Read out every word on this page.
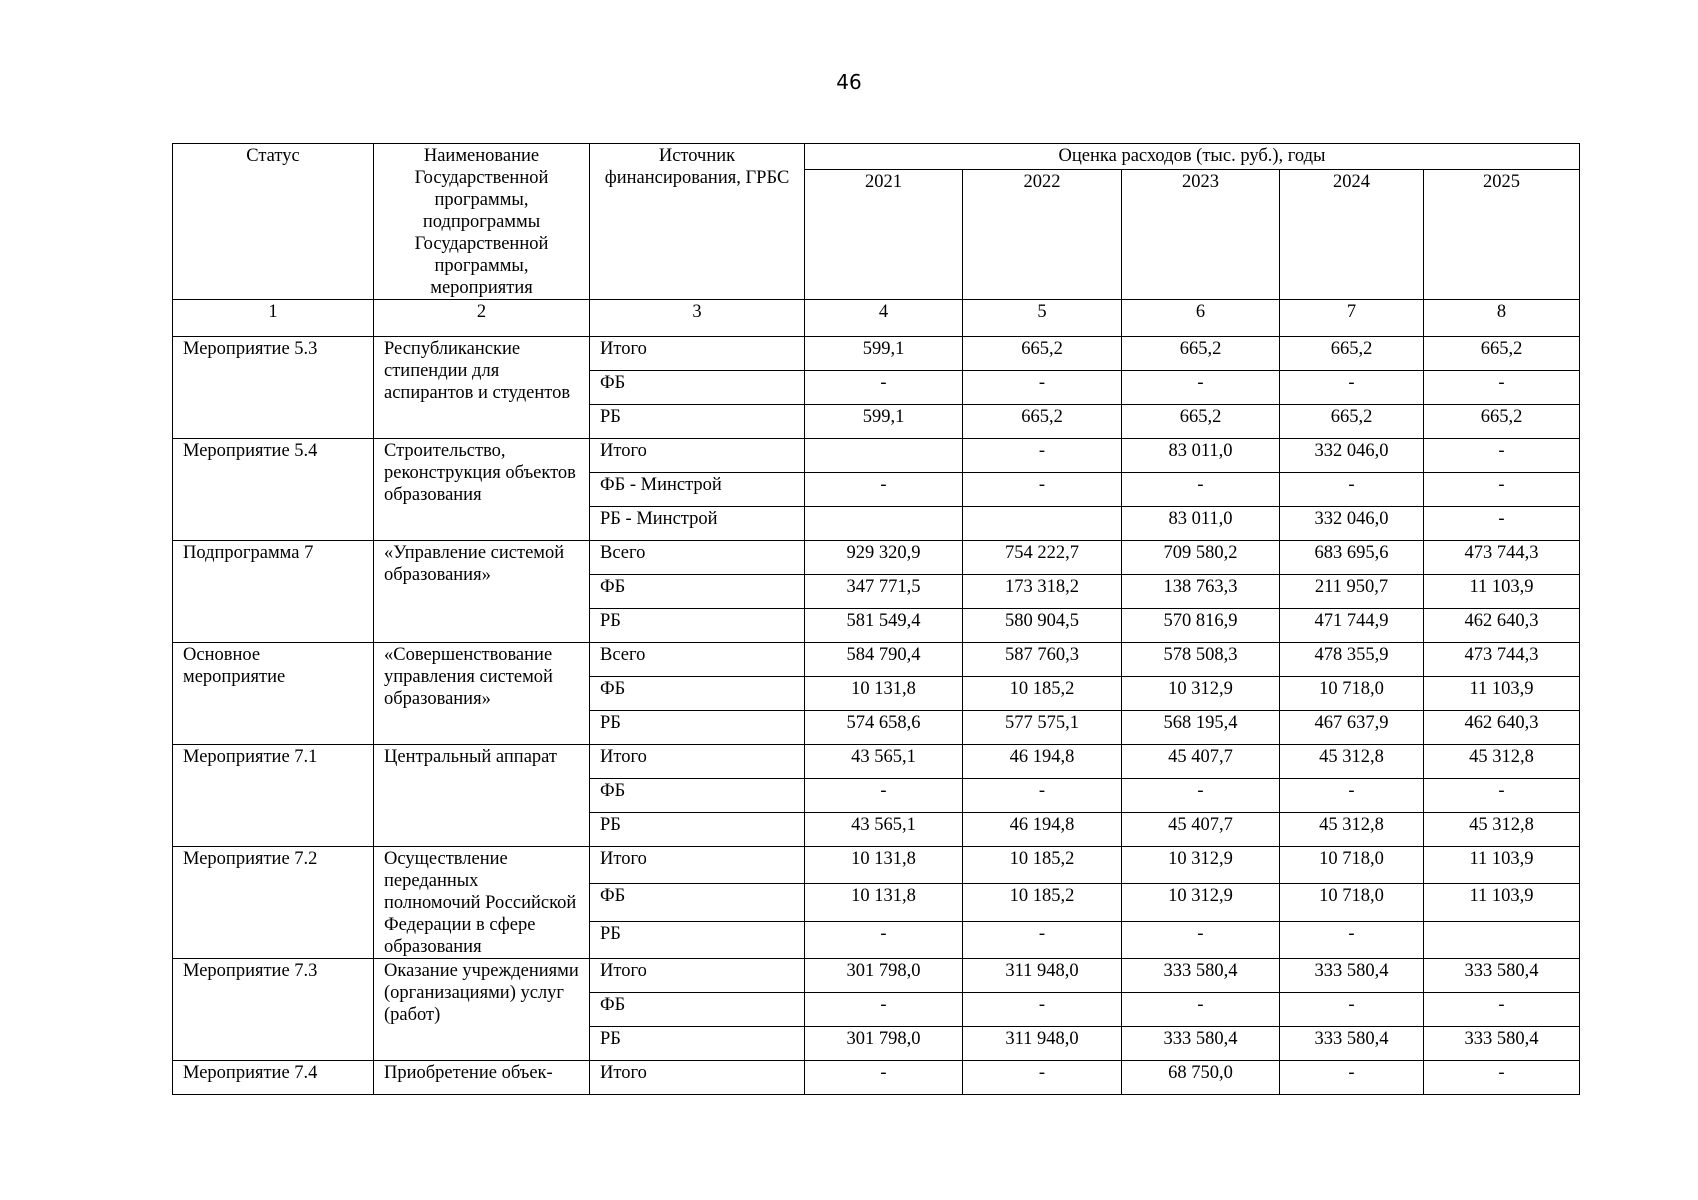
46
Статус	Наименование Государственной программы, подпрограммы Государственной программы, мероприятия	Источник финансирования, ГРБС	Оценка расходов (тыс. руб.), годы				
			2021	2022	2023	2024	2025
1	2	3	4	5	6	7	8
Мероприятие 5.3	Республиканские стипендии для аспирантов и студентов	Итого	599,1	665,2	665,2	665,2	665,2
		ФБ	-	-	-	-	-
		РБ	599,1	665,2	665,2	665,2	665,2
Мероприятие 5.4	Строительство, реконструкция объектов образования	Итого		-	83 011,0	332 046,0	-
		ФБ - Минстрой	-	-	-	-	-
		РБ - Минстрой			83 011,0	332 046,0	-
Подпрограмма 7	«Управление системой образования»	Всего	929 320,9	754 222,7	709 580,2	683 695,6	473 744,3
		ФБ	347 771,5	173 318,2	138 763,3	211 950,7	11 103,9
		РБ	581 549,4	580 904,5	570 816,9	471 744,9	462 640,3
Основное мероприятие	«Совершенствование управления системой образования»	Всего	584 790,4	587 760,3	578 508,3	478 355,9	473 744,3
		ФБ	10 131,8	10 185,2	10 312,9	10 718,0	11 103,9
		РБ	574 658,6	577 575,1	568 195,4	467 637,9	462 640,3
Мероприятие 7.1	Центральный аппарат	Итого	43 565,1	46 194,8	45 407,7	45 312,8	45 312,8
		ФБ	-	-	-	-	-
		РБ	43 565,1	46 194,8	45 407,7	45 312,8	45 312,8
Мероприятие 7.2	Осуществление переданных полномочий Российской Федерации в сфере образования	Итого	10 131,8	10 185,2	10 312,9	10 718,0	11 103,9
		ФБ	10 131,8	10 185,2	10 312,9	10 718,0	11 103,9
		РБ	-	-	-	-	
Мероприятие 7.3	Оказание учреждениями (организациями) услуг (работ)	Итого	301 798,0	311 948,0	333 580,4	333 580,4	333 580,4
		ФБ	-	-	-	-	-
		РБ	301 798,0	311 948,0	333 580,4	333 580,4	333 580,4
Мероприятие 7.4	Приобретение объек-	Итого	-	-	68 750,0	-	-
